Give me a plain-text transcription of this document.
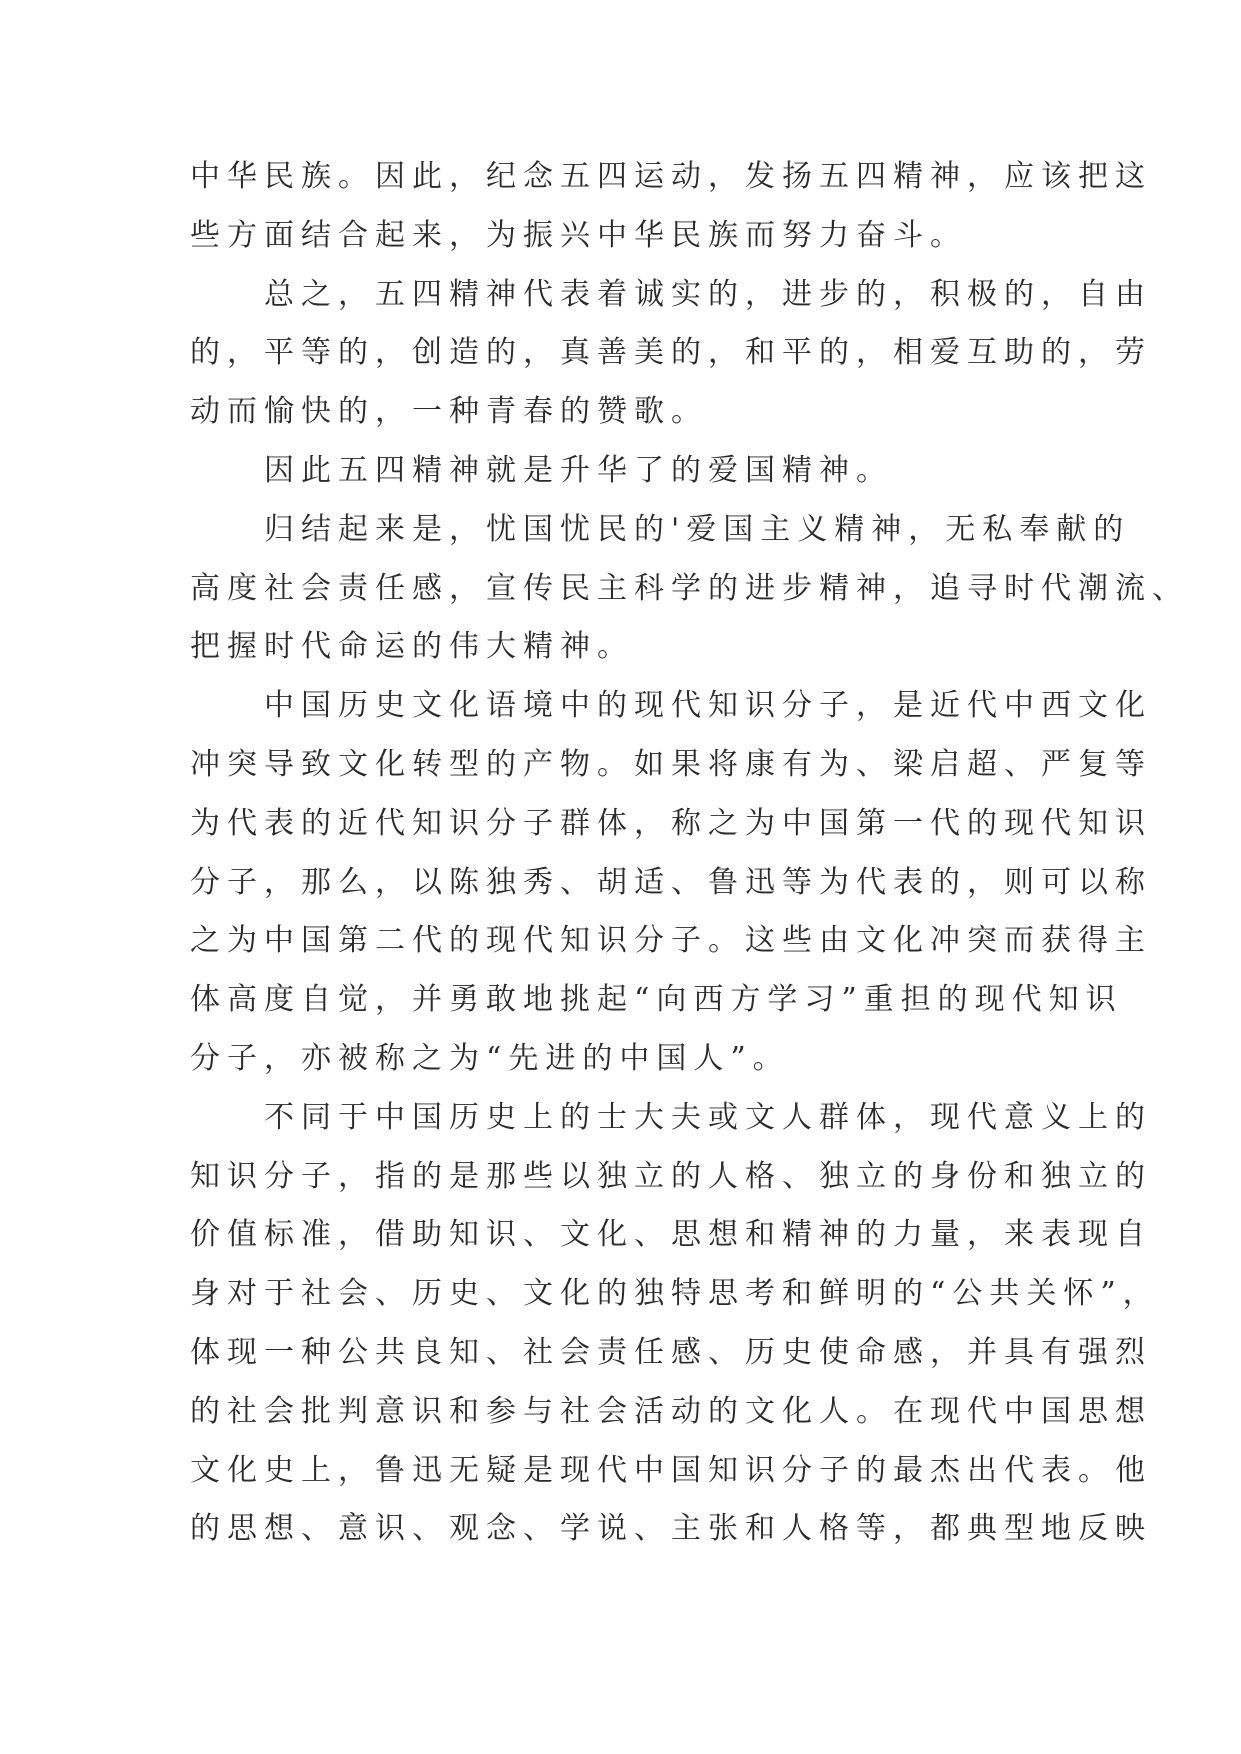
中华民族。因此，纪念五四运动，发扬五四精神，应该把这
些方面结合起来，为振兴中华民族而努力奋斗。
总之，五四精神代表着诚实的，进步的，积极的，自由
的，平等的，创造的，真善美的，和平的，相爱互助的，劳
动而愉快的，一种青春的赞歌。
因此五四精神就是升华了的爱国精神。
归结起来是，忧国忧民的'爱国主义精神，无私奉献的
高度社会责任感，宣传民主科学的进步精神，追寻时代潮流、
把握时代命运的伟大精神。
中国历史文化语境中的现代知识分子，是近代中西文化
冲突导致文化转型的产物。如果将康有为、梁启超、严复等
为代表的近代知识分子群体，称之为中国第一代的现代知识
分子，那么，以陈独秀、胡适、鲁迅等为代表的，则可以称
之为中国第二代的现代知识分子。这些由文化冲突而获得主
体高度自觉，并勇敢地挑起“向西方学习”重担的现代知识
分子，亦被称之为“先进的中国人”。
不同于中国历史上的士大夫或文人群体，现代意义上的
知识分子，指的是那些以独立的人格、独立的身份和独立的
价值标准，借助知识、文化、思想和精神的力量，来表现自
身对于社会、历史、文化的独特思考和鲜明的“公共关怀”，
体现一种公共良知、社会责任感、历史使命感，并具有强烈
的社会批判意识和参与社会活动的文化人。在现代中国思想
文化史上，鲁迅无疑是现代中国知识分子的最杰出代表。他
的思想、意识、观念、学说、主张和人格等，都典型地反映
